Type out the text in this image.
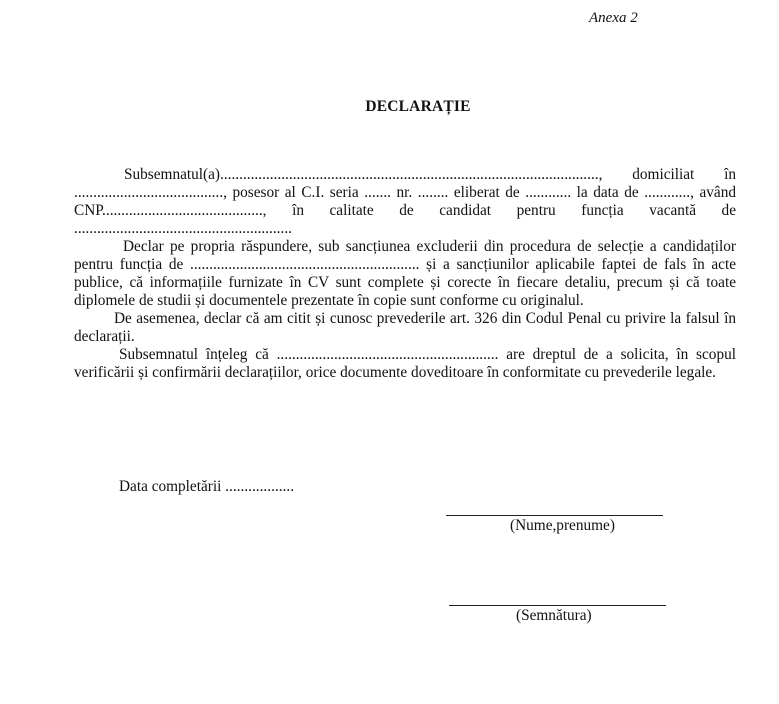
Anexa 2
DECLARAȚIE

Subsemnatul(a)..................................................................................................., domiciliat în ......................................., posesor al C.I. seria ....... nr. ........ eliberat de ............ la data de ............, având CNP.........................................., în calitate de candidat pentru funcția vacantă de .........................................................

Declar pe propria răspundere, sub sancțiunea excluderii din procedura de selecție a candidaților pentru funcția de ............................................................ și a sancțiunilor aplicabile faptei de fals în acte publice, că informațiile furnizate în CV sunt complete și corecte în fiecare detaliu, precum și că toate diplomele de studii și documentele prezentate în copie sunt conforme cu originalul.

De asemenea, declar că am citit și cunosc prevederile art. 326 din Codul Penal cu privire la falsul în declarații.

Subsemnatul înțeleg că .......................................................... are dreptul de a solicita, în scopul verificării și confirmării declarațiilor, orice documente doveditoare în conformitate cu prevederile legale.

Data completării ..................
(Nume,prenume)
(Semnătura)
